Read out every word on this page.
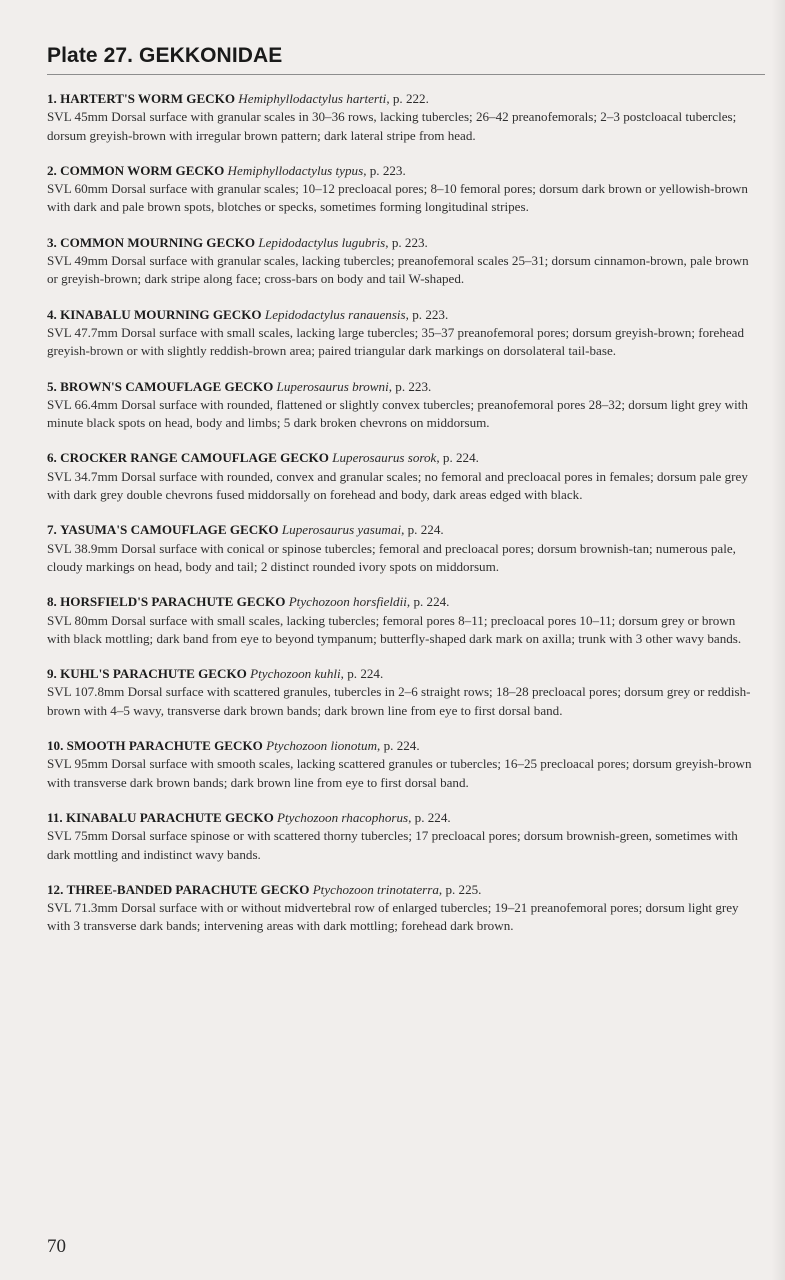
Plate 27. GEKKONIDAE
1. HARTERT'S WORM GECKO Hemiphyllodactylus harterti, p. 222.
SVL 45mm Dorsal surface with granular scales in 30–36 rows, lacking tubercles; 26–42 preanofemorals; 2–3 postcloacal tubercles; dorsum greyish-brown with irregular brown pattern; dark lateral stripe from head.
2. COMMON WORM GECKO Hemiphyllodactylus typus, p. 223.
SVL 60mm Dorsal surface with granular scales; 10–12 precloacal pores; 8–10 femoral pores; dorsum dark brown or yellowish-brown with dark and pale brown spots, blotches or specks, sometimes forming longitudinal stripes.
3. COMMON MOURNING GECKO Lepidodactylus lugubris, p. 223.
SVL 49mm Dorsal surface with granular scales, lacking tubercles; preanofemoral scales 25–31; dorsum cinnamon-brown, pale brown or greyish-brown; dark stripe along face; cross-bars on body and tail W-shaped.
4. KINABALU MOURNING GECKO Lepidodactylus ranauensis, p. 223.
SVL 47.7mm Dorsal surface with small scales, lacking large tubercles; 35–37 preanofemoral pores; dorsum greyish-brown; forehead greyish-brown or with slightly reddish-brown area; paired triangular dark markings on dorsolateral tail-base.
5. BROWN'S CAMOUFLAGE GECKO Luperosaurus browni, p. 223.
SVL 66.4mm Dorsal surface with rounded, flattened or slightly convex tubercles; preanofemoral pores 28–32; dorsum light grey with minute black spots on head, body and limbs; 5 dark broken chevrons on middorsum.
6. CROCKER RANGE CAMOUFLAGE GECKO Luperosaurus sorok, p. 224.
SVL 34.7mm Dorsal surface with rounded, convex and granular scales; no femoral and precloacal pores in females; dorsum pale grey with dark grey double chevrons fused middorsally on forehead and body, dark areas edged with black.
7. YASUMA'S CAMOUFLAGE GECKO Luperosaurus yasumai, p. 224.
SVL 38.9mm Dorsal surface with conical or spinose tubercles; femoral and precloacal pores; dorsum brownish-tan; numerous pale, cloudy markings on head, body and tail; 2 distinct rounded ivory spots on middorsum.
8. HORSFIELD'S PARACHUTE GECKO Ptychozoon horsfieldii, p. 224.
SVL 80mm Dorsal surface with small scales, lacking tubercles; femoral pores 8–11; precloacal pores 10–11; dorsum grey or brown with black mottling; dark band from eye to beyond tympanum; butterfly-shaped dark mark on axilla; trunk with 3 other wavy bands.
9. KUHL'S PARACHUTE GECKO Ptychozoon kuhli, p. 224.
SVL 107.8mm Dorsal surface with scattered granules, tubercles in 2–6 straight rows; 18–28 precloacal pores; dorsum grey or reddish-brown with 4–5 wavy, transverse dark brown bands; dark brown line from eye to first dorsal band.
10. SMOOTH PARACHUTE GECKO Ptychozoon lionotum, p. 224.
SVL 95mm Dorsal surface with smooth scales, lacking scattered granules or tubercles; 16–25 precloacal pores; dorsum greyish-brown with transverse dark brown bands; dark brown line from eye to first dorsal band.
11. KINABALU PARACHUTE GECKO Ptychozoon rhacophorus, p. 224.
SVL 75mm Dorsal surface spinose or with scattered thorny tubercles; 17 precloacal pores; dorsum brownish-green, sometimes with dark mottling and indistinct wavy bands.
12. THREE-BANDED PARACHUTE GECKO Ptychozoon trinotaterra, p. 225.
SVL 71.3mm Dorsal surface with or without midvertebral row of enlarged tubercles; 19–21 preanofemoral pores; dorsum light grey with 3 transverse dark bands; intervening areas with dark mottling; forehead dark brown.
70
